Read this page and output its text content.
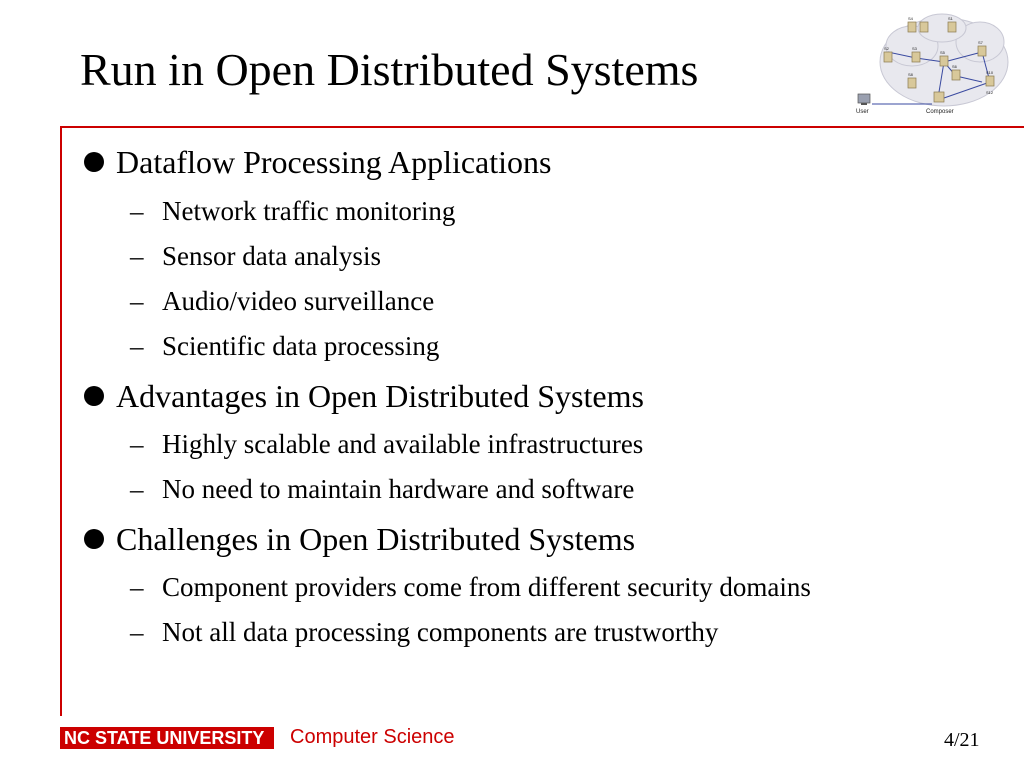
Run in Open Distributed Systems
User	Composer
S4	S1
S2	S3
S7
S5
S6
S10
S12
S8
Dataflow Processing Applications
– Network traffic monitoring
– Sensor data analysis
– Audio/video surveillance
– Scientific data processing
Advantages in Open Distributed Systems
– Highly scalable and available infrastructures
– No need to maintain hardware and software
Challenges in Open Distributed Systems
– Component providers come from different security domains
– Not all data processing components are trustworthy
NC STATE UNIVERSITY	Computer Science	4/21
